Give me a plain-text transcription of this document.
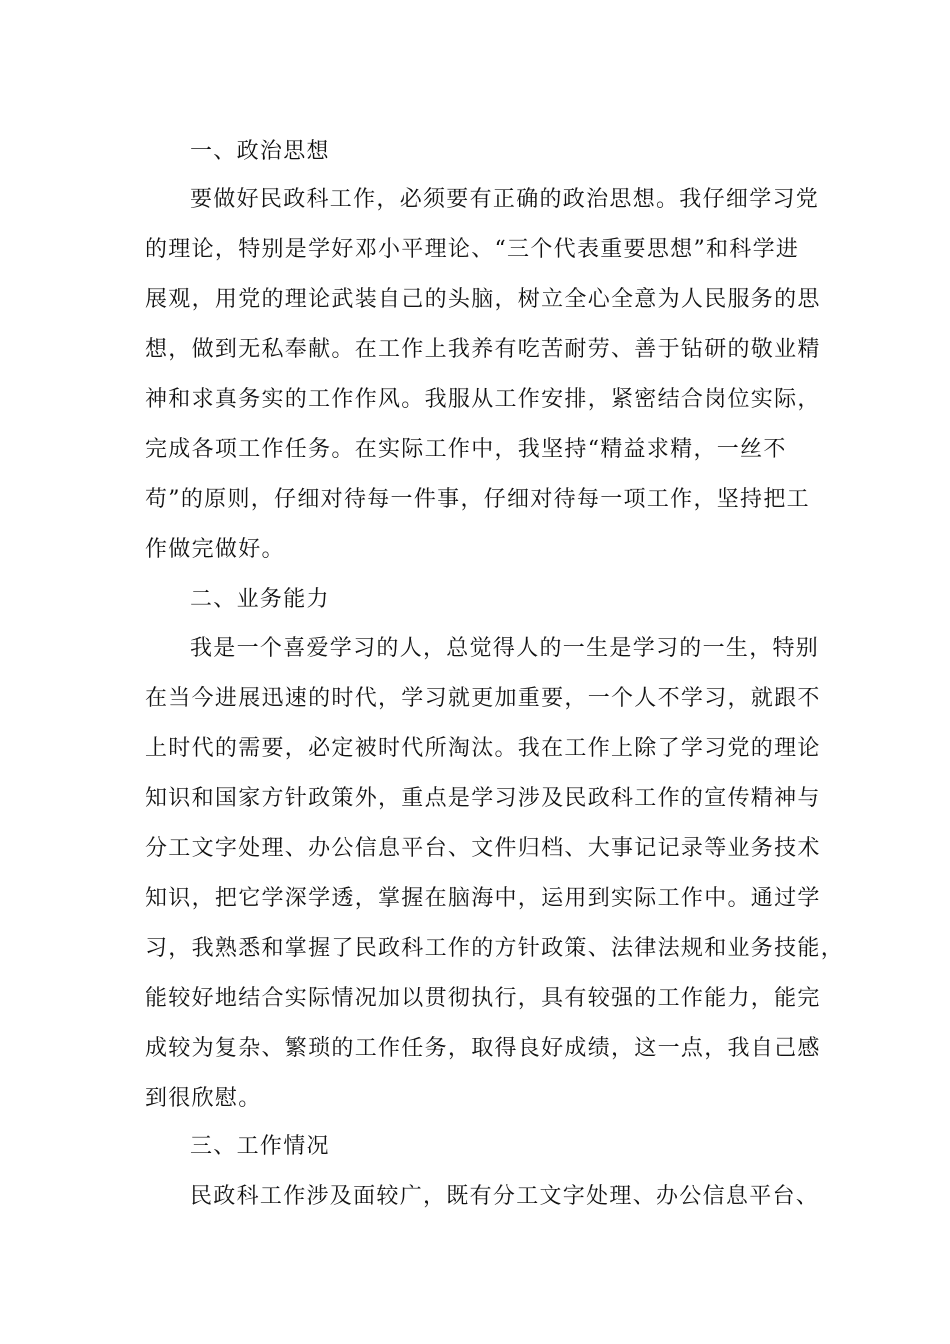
一、政治思想
要做好民政科工作，必须要有正确的政治思想。我仔细学习党
的理论，特别是学好邓小平理论、“三个代表重要思想”和科学进
展观，用党的理论武装自己的头脑，树立全心全意为人民服务的思
想，做到无私奉献。在工作上我养有吃苦耐劳、善于钻研的敬业精
神和求真务实的工作作风。我服从工作安排，紧密结合岗位实际，
完成各项工作任务。在实际工作中，我坚持“精益求精，一丝不
苟”的原则，仔细对待每一件事，仔细对待每一项工作，坚持把工
作做完做好。
二、业务能力
我是一个喜爱学习的人，总觉得人的一生是学习的一生，特别
在当今进展迅速的时代，学习就更加重要，一个人不学习，就跟不
上时代的需要，必定被时代所淘汰。我在工作上除了学习党的理论
知识和国家方针政策外，重点是学习涉及民政科工作的宣传精神与
分工文字处理、办公信息平台、文件归档、大事记记录等业务技术
知识，把它学深学透，掌握在脑海中，运用到实际工作中。通过学
习，我熟悉和掌握了民政科工作的方针政策、法律法规和业务技能，
能较好地结合实际情况加以贯彻执行，具有较强的工作能力，能完
成较为复杂、繁琐的工作任务，取得良好成绩，这一点，我自己感
到很欣慰。
三、工作情况
民政科工作涉及面较广，既有分工文字处理、办公信息平台、
